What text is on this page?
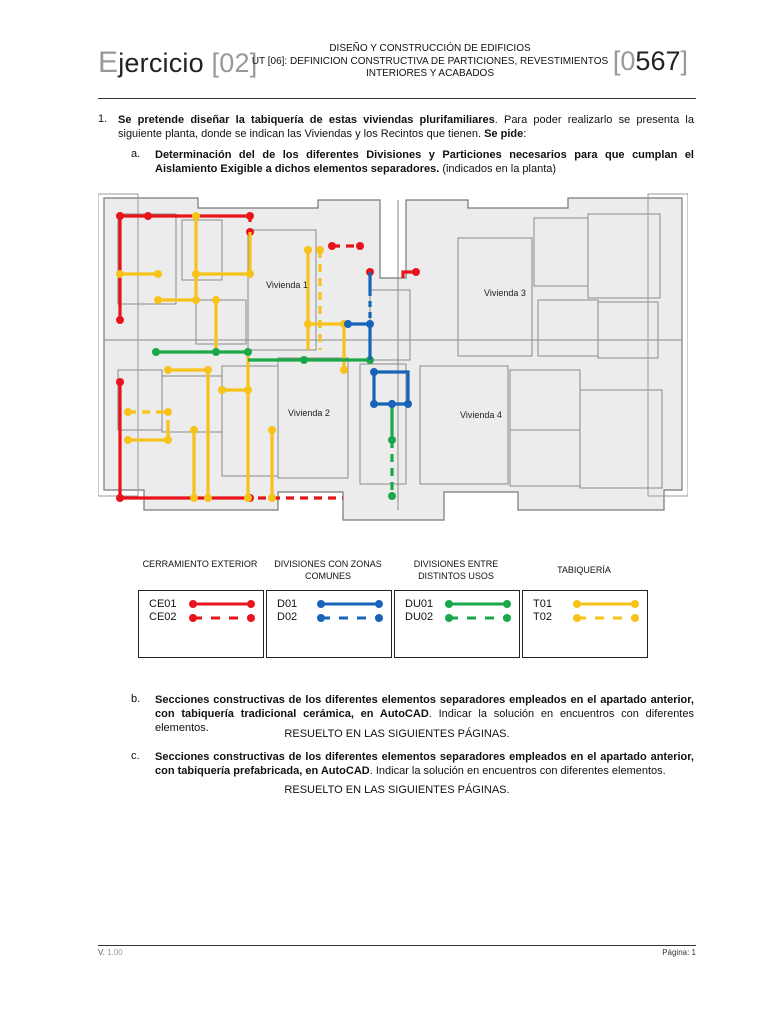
Ejercicio [02]	DISEÑO Y CONSTRUCCIÓN DE EDIFICIOS
UT [06]: DEFINICION CONSTRUCTIVA DE PARTICIONES, REVESTIMIENTOS INTERIORES Y ACABADOS	[0567]
1. Se pretende diseñar la tabiquería de estas viviendas plurifamiliares. Para poder realizarlo se presenta la siguiente planta, donde se indican las Viviendas y los Recintos que tienen. Se pide:
a. Determinación del de los diferentes Divisiones y Particiones necesarios para que cumplan el Aislamiento Exigible a dichos elementos separadores. (indicados en la planta)
Vivienda 1
Vivienda 2
Vivienda 3
Vivienda 4
CERRAMIENTO EXTERIOR	DIVISIONES CON ZONAS COMUNES
DIVISIONES ENTRE DISTINTOS USOS
TABIQUERÍA
CE01
CE02
D01
D02
DU01
DU02
T01
T02
b. Secciones constructivas de los diferentes elementos separadores empleados en el apartado anterior, con tabiquería tradicional cerámica, en AutoCAD. Indicar la solución en encuentros con diferentes elementos.	RESUELTO EN LAS SIGUIENTES PÁGINAS.
c. Secciones constructivas de los diferentes elementos separadores empleados en el apartado anterior, con tabiquería prefabricada, en AutoCAD. Indicar la solución en encuentros con diferentes elementos.
RESUELTO EN LAS SIGUIENTES PÁGINAS.
V. 1.00	Página: 1
